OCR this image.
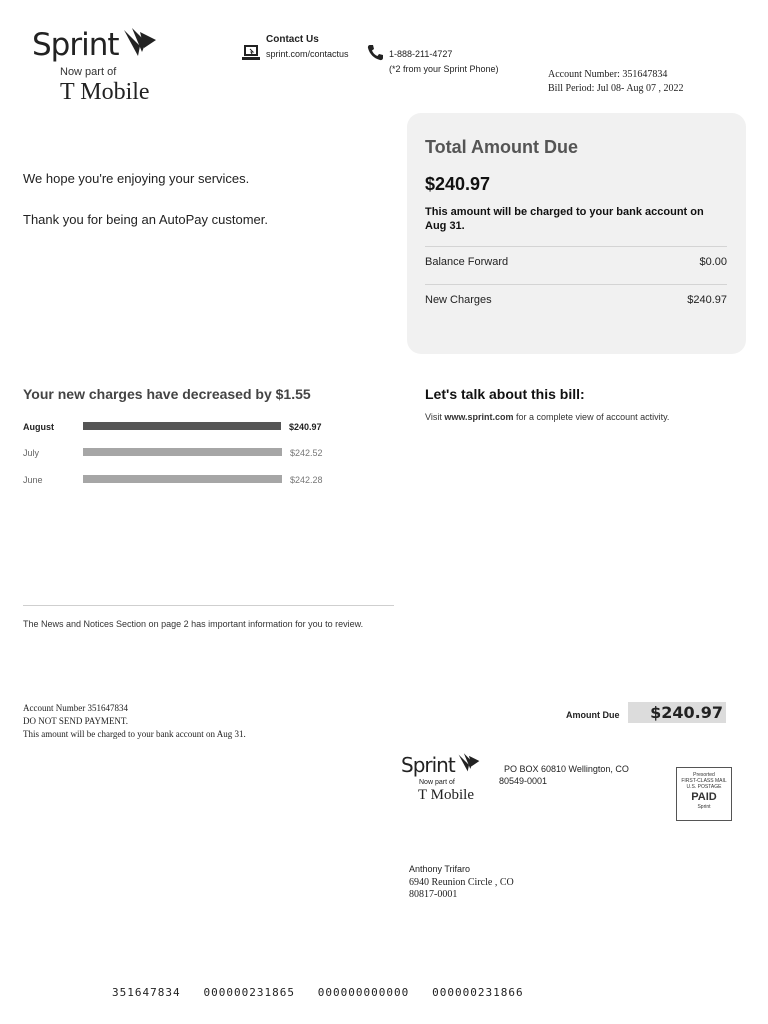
Sprint
Now part of
T Mobile
Contact Us
sprint.com/contactus	1-888-211-4727
(*2 from your Sprint Phone)	Account Number: 351647834
Bill Period: Jul 08- Aug 07 , 2022
We hope you're enjoying your services.
Thank you for being an AutoPay customer.
Total Amount Due
$240.97
This amount will be charged to your bank account on Aug 31.
Balance Forward	$0.00
New Charges	$240.97
Your new charges have decreased by $1.55
August	$240.97
July	$242.52
June	$242.28
Let's talk about this bill:
Visit www.sprint.com for a complete view of account activity.
The News and Notices Section on page 2 has important information for you to review.
Account Number 351647834
DO NOT SEND PAYMENT.
This amount will be charged to your bank account on Aug 31.
Amount Due $240.97
Sprint
Now part of
T Mobile
PO BOX 60810 Wellington, CO
80549-0001
Presorted
FIRST-CLASS MAIL
U.S. POSTAGE
PAID
Sprint
Anthony Trifaro
6940 Reunion Circle , CO
80817-0001
351647834   000000231865   000000000000   000000231866
